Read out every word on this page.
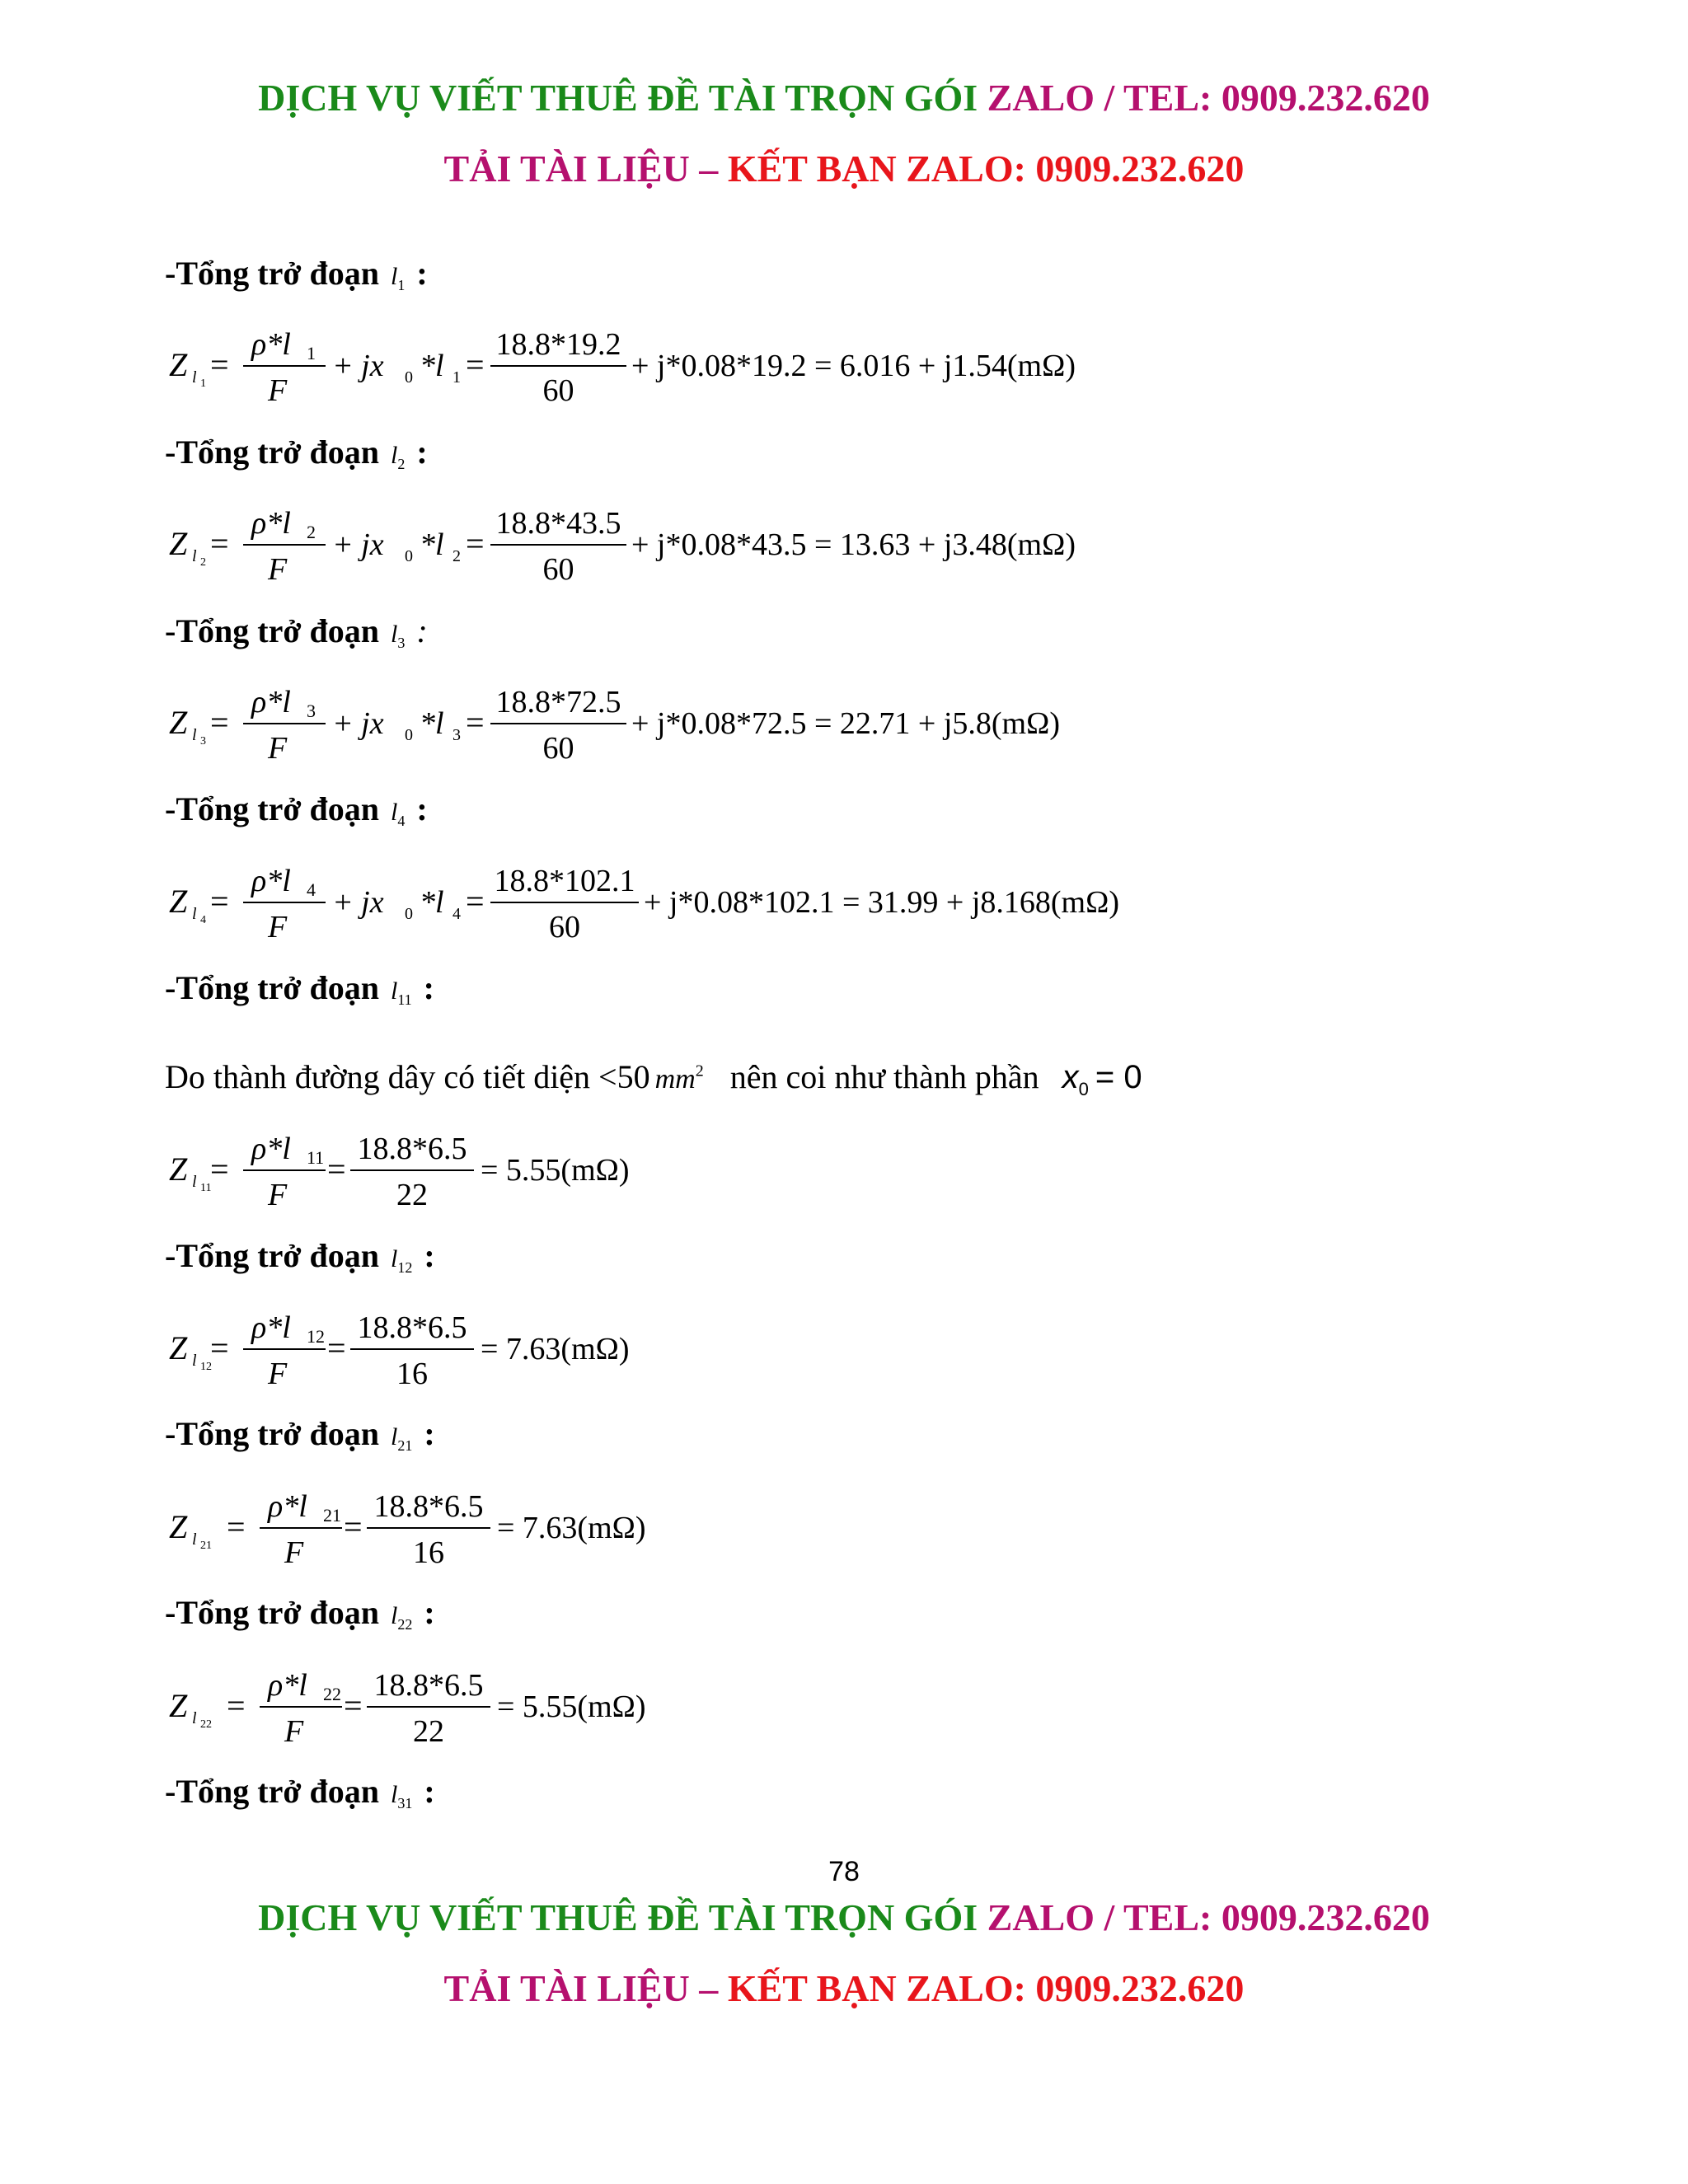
DỊCH VỤ VIẾT THUÊ ĐỀ TÀI TRỌN GÓI ZALO / TEL: 0909.232.620
TẢI TÀI LIỆU – KẾT BẠN ZALO: 0909.232.620
-Tổng trở đoạn $l_1$ :
-Tổng trở đoạn $l_2$ :
-Tổng trở đoạn $l_3$ :
-Tổng trở đoạn $l_4$ :
-Tổng trở đoạn $l_{11}$ :
-Tổng trở đoạn $l_{12}$ :
-Tổng trở đoạn $l_{21}$ :
-Tổng trở đoạn $l_{22}$ :
-Tổng trở đoạn $l_{31}$ :
Do thành đường dây có tiết diện <50 $mm^2$ nên coi như thành phần $x_0 = 0$
Z l 1
=
ρ*l 1
F
+ jx 0 *l 1 =
18.8*19.2
60
+ j*0.08*19.2 = 6.016 + j1.54(mΩ)
Z l 2
=
ρ*l 2
F
+ jx 0 *l 2 =
18.8*43.5
60
+ j*0.08*43.5 = 13.63 + j3.48(mΩ)
Z l 3
=
ρ*l 3
F
+ jx 0 *l 3 =
18.8*72.5
60
+ j*0.08*72.5 = 22.71 + j5.8(mΩ)
Z l 4
=
ρ*l 4
F
+ jx 0 *l 4 =
18.8*102.1
60
+ j*0.08*102.1 = 31.99 + j8.168(mΩ)
Z l 11
=
ρ*l 11
F
=
18.8*6.5
22
= 5.55(mΩ)
Z l 12
=
ρ*l 12
F
=
18.8*6.5
16
= 7.63(mΩ)
Z l 21
=
ρ*l 21
F
=
18.8*6.5
16
= 7.63(mΩ)
Z l 22
=
ρ*l 22
F
=
18.8*6.5
22
= 5.55(mΩ)
78
DỊCH VỤ VIẾT THUÊ ĐỀ TÀI TRỌN GÓI ZALO / TEL: 0909.232.620
TẢI TÀI LIỆU – KẾT BẠN ZALO: 0909.232.620
